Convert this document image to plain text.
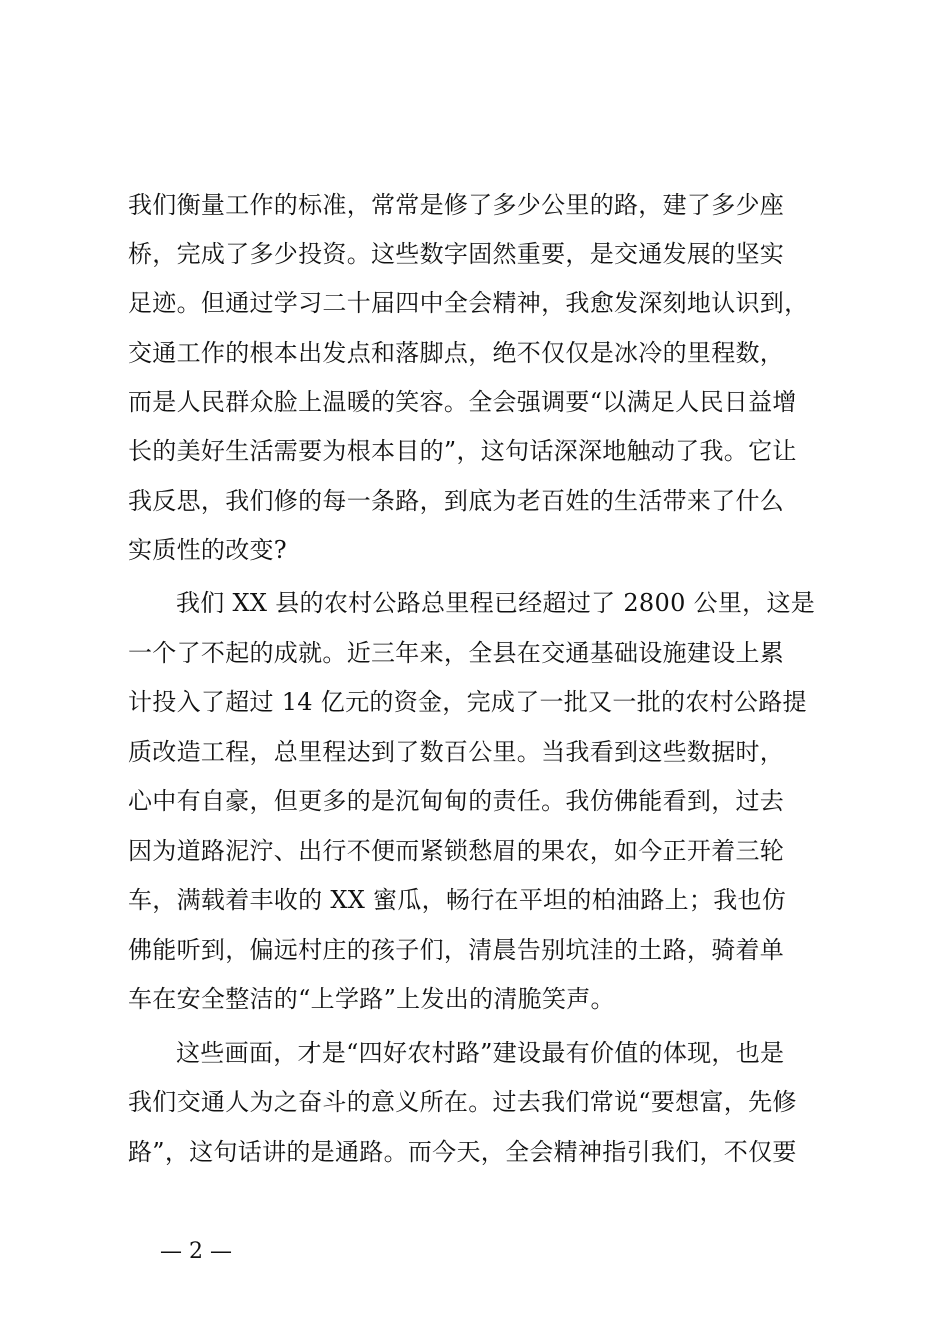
我们衡量工作的标准，常常是修了多少公里的路，建了多少座
桥，完成了多少投资。这些数字固然重要，是交通发展的坚实
足迹。但通过学习二十届四中全会精神，我愈发深刻地认识到，
交通工作的根本出发点和落脚点，绝不仅仅是冰冷的里程数，
而是人民群众脸上温暖的笑容。全会强调要“以满足人民日益增
长的美好生活需要为根本目的”，这句话深深地触动了我。它让
我反思，我们修的每一条路，到底为老百姓的生活带来了什么
实质性的改变?
我们 XX 县的农村公路总里程已经超过了 2800 公里，这是
一个了不起的成就。近三年来，全县在交通基础设施建设上累
计投入了超过 14 亿元的资金，完成了一批又一批的农村公路提
质改造工程，总里程达到了数百公里。当我看到这些数据时，
心中有自豪，但更多的是沉甸甸的责任。我仿佛能看到，过去
因为道路泥泞、出行不便而紧锁愁眉的果农，如今正开着三轮
车，满载着丰收的 XX 蜜瓜，畅行在平坦的柏油路上；我也仿
佛能听到，偏远村庄的孩子们，清晨告别坑洼的土路，骑着单
车在安全整洁的“上学路”上发出的清脆笑声。
这些画面，才是“四好农村路”建设最有价值的体现，也是
我们交通人为之奋斗的意义所在。过去我们常说“要想富，先修
路”，这句话讲的是通路。而今天，全会精神指引我们，不仅要
— 2 —
